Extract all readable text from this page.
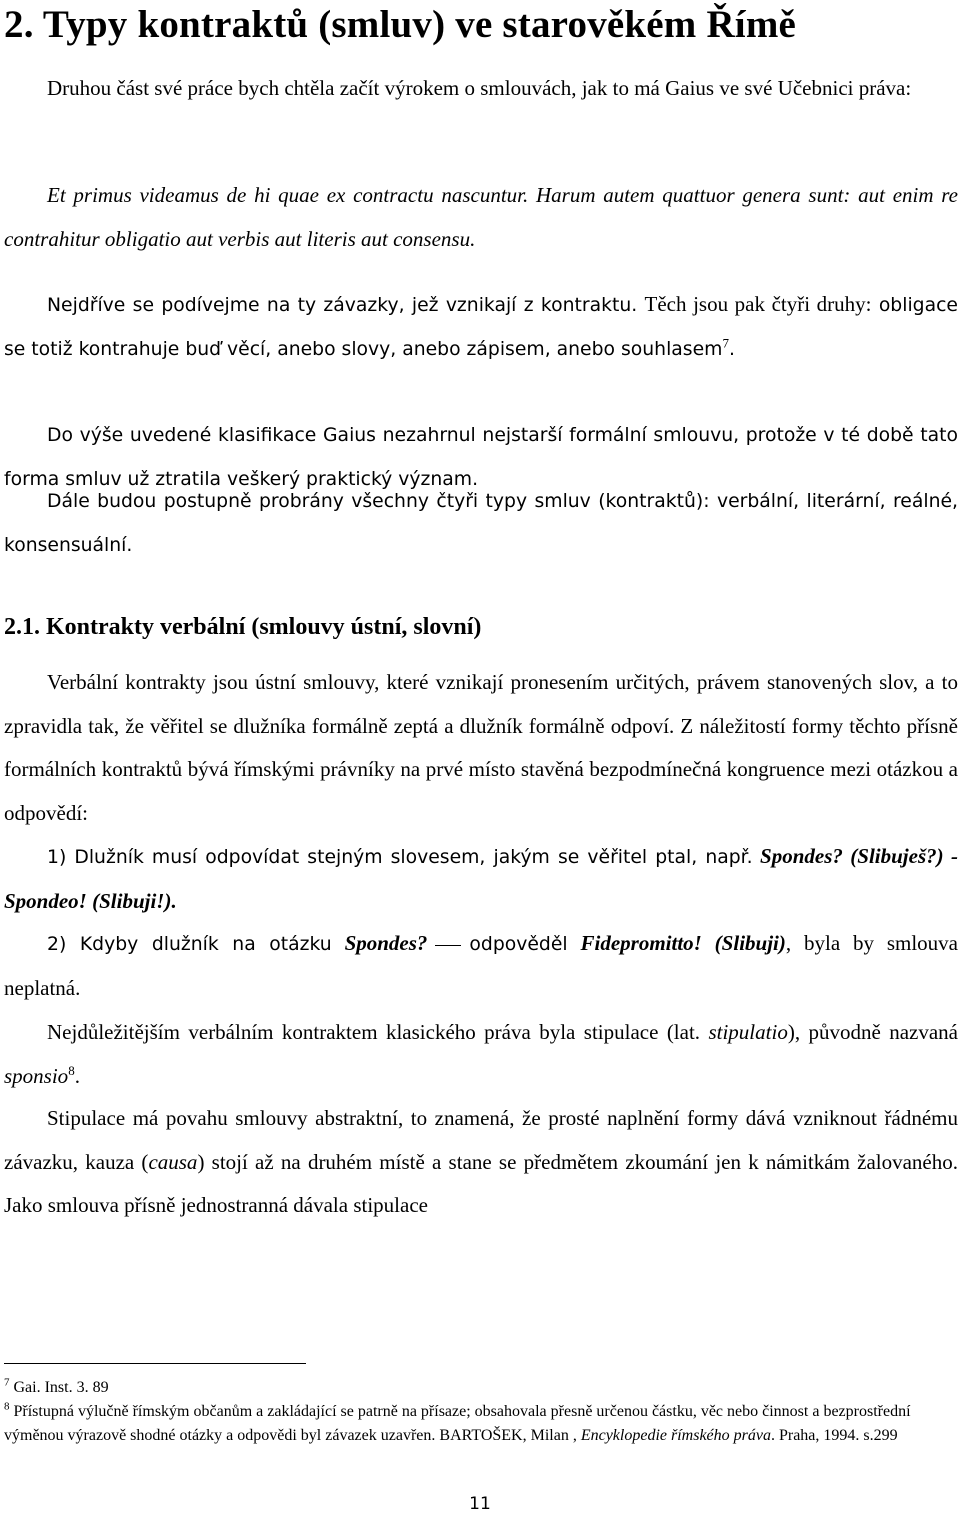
2. Typy kontraktů (smluv) ve starověkém Římě

Druhou část své práce bych chtěla začít výrokem o smlouvách, jak to má Gaius ve své Učebnici práva:

Et primus videamus de hi quae ex contractu nascuntur. Harum autem quattuor genera sunt: aut enim re contrahitur obligatio aut verbis aut literis aut consensu.

Nejdříve se podívejme na ty závazky, jež vznikají z kontraktu. Těch jsou pak čtyři druhy: obligace se totiž kontrahuje buď věcí, anebo slovy, anebo zápisem, anebo souhlasem$^7$.

Do výše uvedené klasifikace Gaius nezahrnul nejstarší formální smlouvu, protože v té době tato forma smluv už ztratila veškerý praktický význam.

Dále budou postupně probrány všechny čtyři typy smluv (kontraktů): verbální, literární, reálné, konsensuální.

2.1. Kontrakty verbální (smlouvy ústní, slovní)

Verbální kontrakty jsou ústní smlouvy, které vznikají pronesením určitých, právem stanovených slov, a to zpravidla tak, že věřitel se dlužníka formálně zeptá a dlužník formálně odpoví. Z náležitostí formy těchto přísně formálních kontraktů bývá římskými právníky na prvé místo stavěná bezpodmínečná kongruence mezi otázkou a odpovědí:

1) Dlužník musí odpovídat stejným slovesem, jakým se věřitel ptal, např. Spondes? (Slibuješ?) - Spondeo! (Slibuji!).

2) Kdyby dlužník na otázku Spondes? odpověděl Fidepromitto! (Slibuji), byla by smlouva neplatná.

Nejdůležitějším verbálním kontraktem klasického práva byla stipulace (lat. stipulatio), původně nazvaná sponsio$^8$.

Stipulace má povahu smlouvy abstraktní, to znamená, že prosté naplnění formy dává vzniknout řádnému závazku, kauza (causa) stojí až na druhém místě a stane se předmětem zkoumání jen k námitkám žalovaného. Jako smlouva přísně jednostranná dávala stipulace

$^7$ Gai. Inst. 3. 89

$^8$ Přístupná výlučně římským občanům a zakládající se patrně na přísaze; obsahovala přesně určenou částku, věc nebo činnost a bezprostřední výměnou výrazově shodné otázky a odpovědi byl závazek uzavřen. BARTOŠEK, Milan , Encyklopedie římského práva. Praha, 1994. s.299

11
